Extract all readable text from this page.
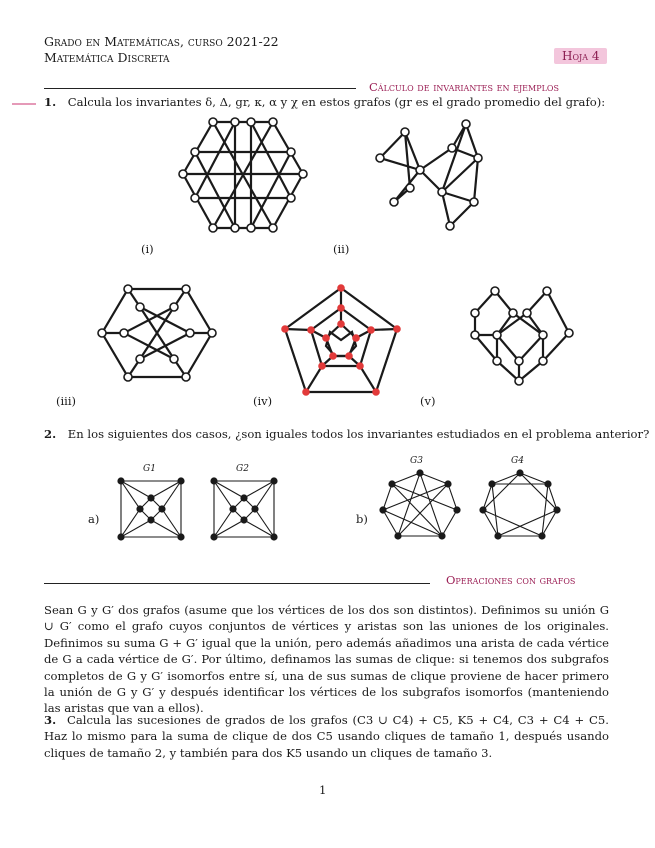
Grado en Matemáticas, curso 2021-22
Matemática Discreta	Hoja 4
Cálculo de invariantes en ejemplos
1. Calcula los invariantes δ, Δ, gr, κ, α y χ en estos grafos (gr es el grado promedio del grafo):
(i)	(ii)
(iii)	(iv)	(v)
2. En los siguientes dos casos, ¿son iguales todos los invariantes estudiados en el problema anterior?
a)	b)
G1	G2
G3	G4
Operaciones con grafos
Sean G y G′ dos grafos (asume que los vértices de los dos son distintos). Definimos su unión G ∪ G′ como el grafo cuyos conjuntos de vértices y aristas son las uniones de los originales. Definimos su suma G + G′ igual que la unión, pero además añadimos una arista de cada vértice de G a cada vértice de G′. Por último, definamos las sumas de clique: si tenemos dos subgrafos completos de G y G′ isomorfos entre sí, una de sus sumas de clique proviene de hacer primero la unión de G y G′ y después identificar los vértices de los subgrafos isomorfos (manteniendo las aristas que van a ellos).
3. Calcula las sucesiones de grados de los grafos (C3 ∪ C4) + C5, K5 + C4, C3 + C4 + C5. Haz lo mismo para la suma de clique de dos C5 usando cliques de tamaño 1, después usando cliques de tamaño 2, y también para dos K5 usando un cliques de tamaño 3.
1
